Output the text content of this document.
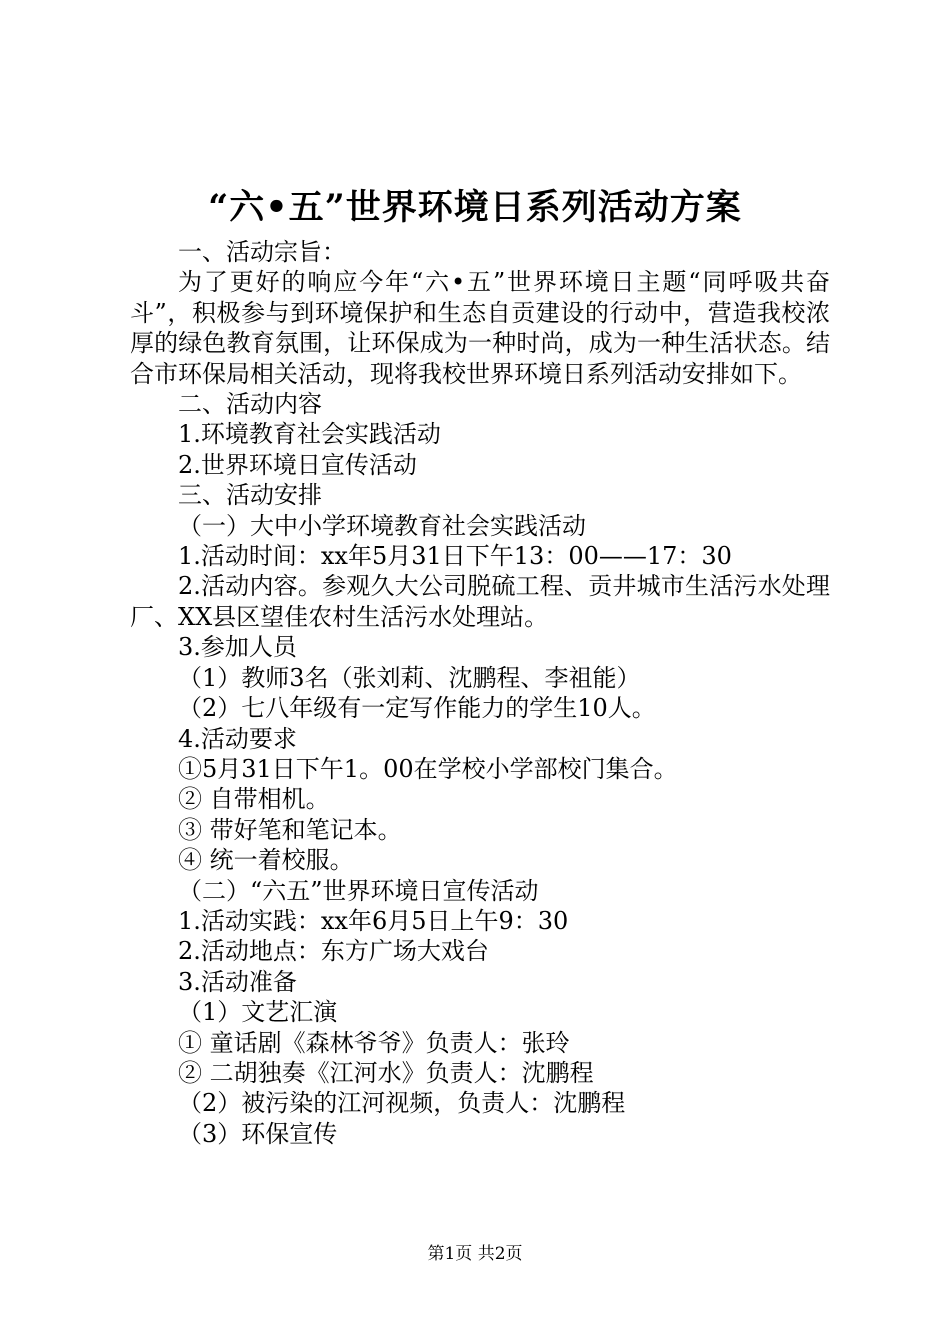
“六•五”世界环境日系列活动方案

一、活动宗旨：

为了更好的响应今年“六•五”世界环境日主题“同呼吸共奋斗”，积极参与到环境保护和生态自贡建设的行动中，营造我校浓厚的绿色教育氛围，让环保成为一种时尚，成为一种生活状态。结合市环保局相关活动，现将我校世界环境日系列活动安排如下。

二、活动内容

1.环境教育社会实践活动

2.世界环境日宣传活动

三、活动安排

（一）大中小学环境教育社会实践活动

1.活动时间：xx年5月31日下午13：00——17：30

2.活动内容。参观久大公司脱硫工程、贡井城市生活污水处理厂、XX县区望佳农村生活污水处理站。

3.参加人员

（1）教师3名（张刘莉、沈鹏程、李祖能）

（2）七八年级有一定写作能力的学生10人。

4.活动要求

①5月31日下午1。00在学校小学部校门集合。

② 自带相机。

③ 带好笔和笔记本。

④ 统一着校服。

（二）“六五”世界环境日宣传活动

1.活动实践：xx年6月5日上午9：30

2.活动地点：东方广场大戏台

3.活动准备

（1）文艺汇演

① 童话剧《森林爷爷》负责人：张玲

② 二胡独奏《江河水》负责人：沈鹏程

（2）被污染的江河视频，负责人：沈鹏程

（3）环保宣传

第1页 共2页
